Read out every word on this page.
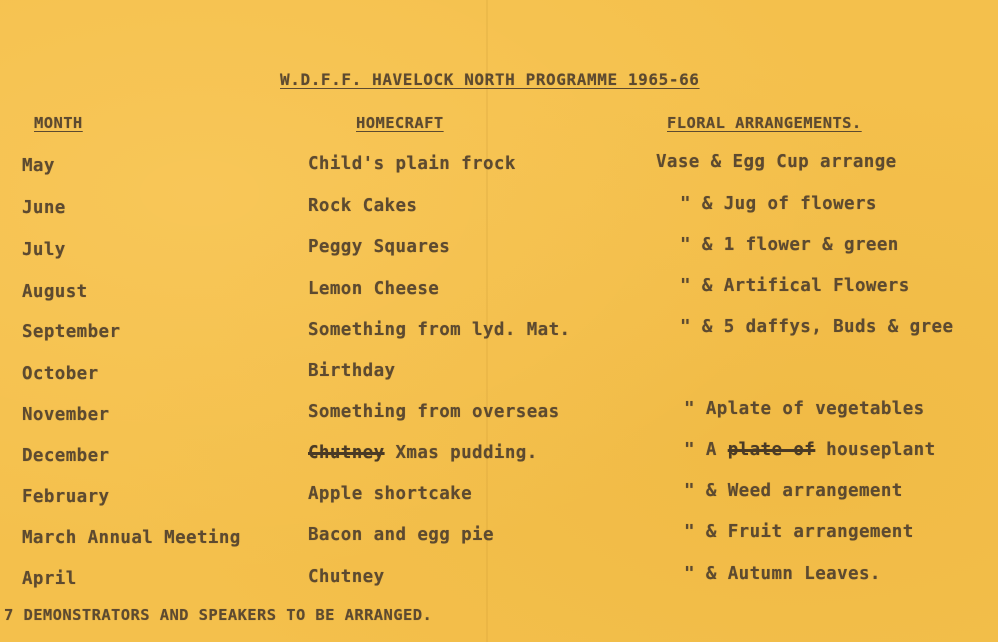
W.D.F.F. HAVELOCK NORTH PROGRAMME 1965-66
MONTH	HOMECRAFT	FLORAL ARRANGEMENTS.
May	Child's plain frock	Vase & Egg Cup arrange
June	Rock Cakes	" & Jug of flowers
July	Peggy Squares	" & 1 flower & green
August	Lemon Cheese	" & Artifical Flowers
September	Something from lyd. Mat.	" & 5 daffys, Buds & gree
October	Birthday
November	Something from overseas	" Aplate of vegetables
December	Chutney Xmas pudding.	" A plate of houseplant
February	Apple shortcake	" & Weed arrangement
March Annual Meeting	Bacon and egg pie	" & Fruit arrangement
April	Chutney	" & Autumn Leaves.
7 DEMONSTRATORS AND SPEAKERS TO BE ARRANGED.
